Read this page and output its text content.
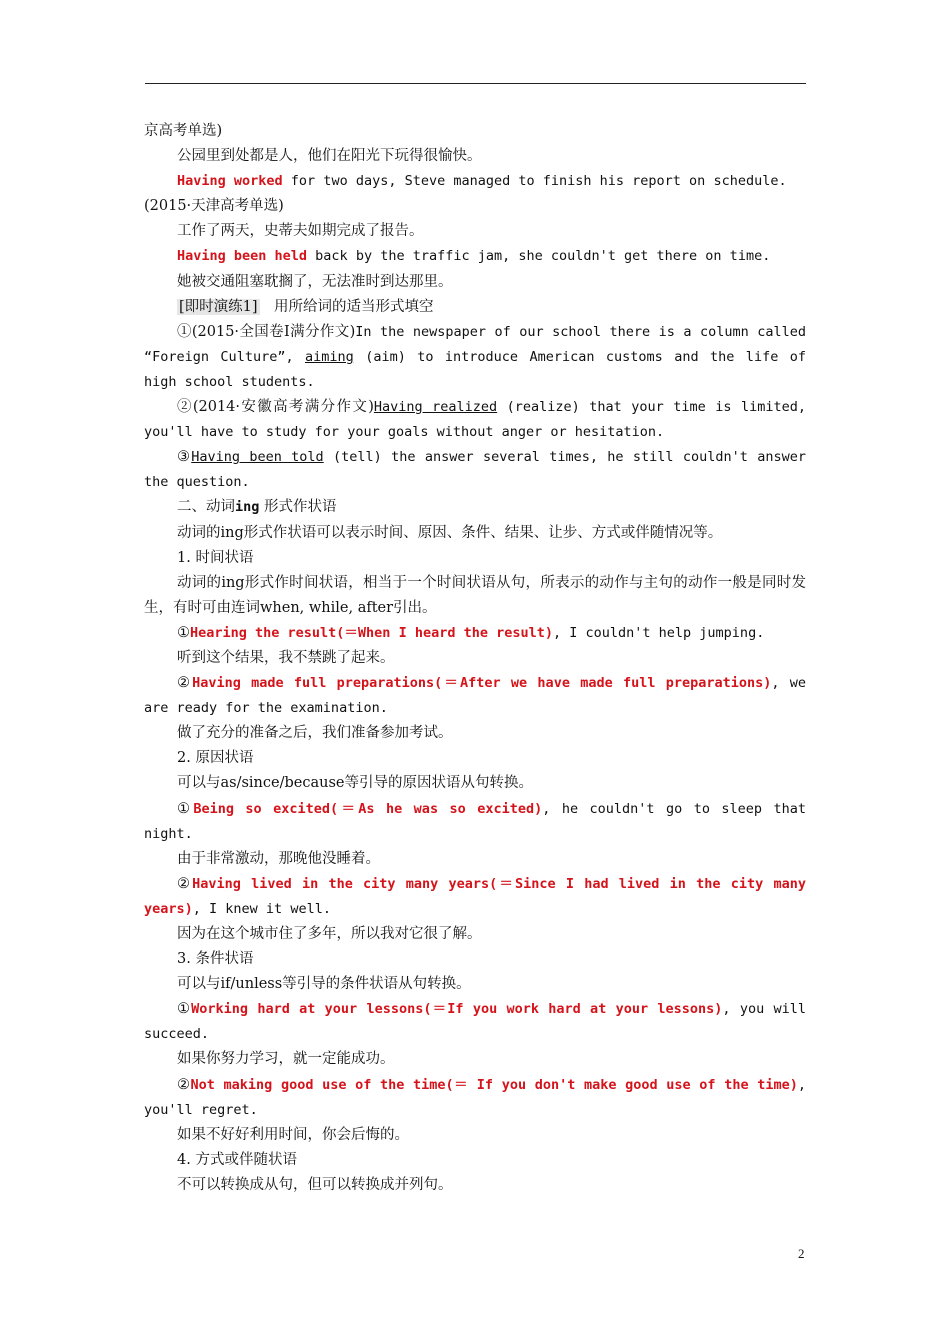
京高考单选)

公园里到处都是人，他们在阳光下玩得很愉快。

Having worked for two days, Steve managed to finish his report on schedule.
(2015·天津高考单选)

工作了两天，史蒂夫如期完成了报告。

Having been held back by the traffic jam, she couldn't get there on time.

她被交通阻塞耽搁了，无法准时到达那里。

[即时演练1]　用所给词的适当形式填空

①(2015·全国卷Ⅰ满分作文)In the newspaper of our school there is a column called “Foreign Culture”, aiming (aim) to introduce American customs and the life of high school students.

②(2014·安徽高考满分作文)Having realized (realize) that your time is limited, you'll have to study for your goals without anger or hesitation.

③Having been told (tell) the answer several times, he still couldn't answer the question.

二、动词ing 形式作状语

动词的ing形式作状语可以表示时间、原因、条件、结果、让步、方式或伴随情况等。

1. 时间状语

动词的ing形式作时间状语，相当于一个时间状语从句，所表示的动作与主句的动作一般是同时发生，有时可由连词when, while, after引出。

①Hearing the result(＝When I heard the result), I couldn't help jumping.

听到这个结果，我不禁跳了起来。

②Having made full preparations(＝After we have made full preparations), we are ready for the examination.

做了充分的准备之后，我们准备参加考试。

2. 原因状语

可以与as/since/because等引导的原因状语从句转换。

①Being so excited(＝As he was so excited), he couldn't go to sleep that night.

由于非常激动，那晚他没睡着。

②Having lived in the city many years(＝Since I had lived in the city many years), I knew it well.

因为在这个城市住了多年，所以我对它很了解。

3. 条件状语

可以与if/unless等引导的条件状语从句转换。

①Working hard at your lessons(＝If you work hard at your lessons), you will succeed.

如果你努力学习，就一定能成功。

②Not making good use of the time(＝ If you don't make good use of the time), you'll regret.

如果不好好利用时间，你会后悔的。

4. 方式或伴随状语

不可以转换成从句，但可以转换成并列句。

2
